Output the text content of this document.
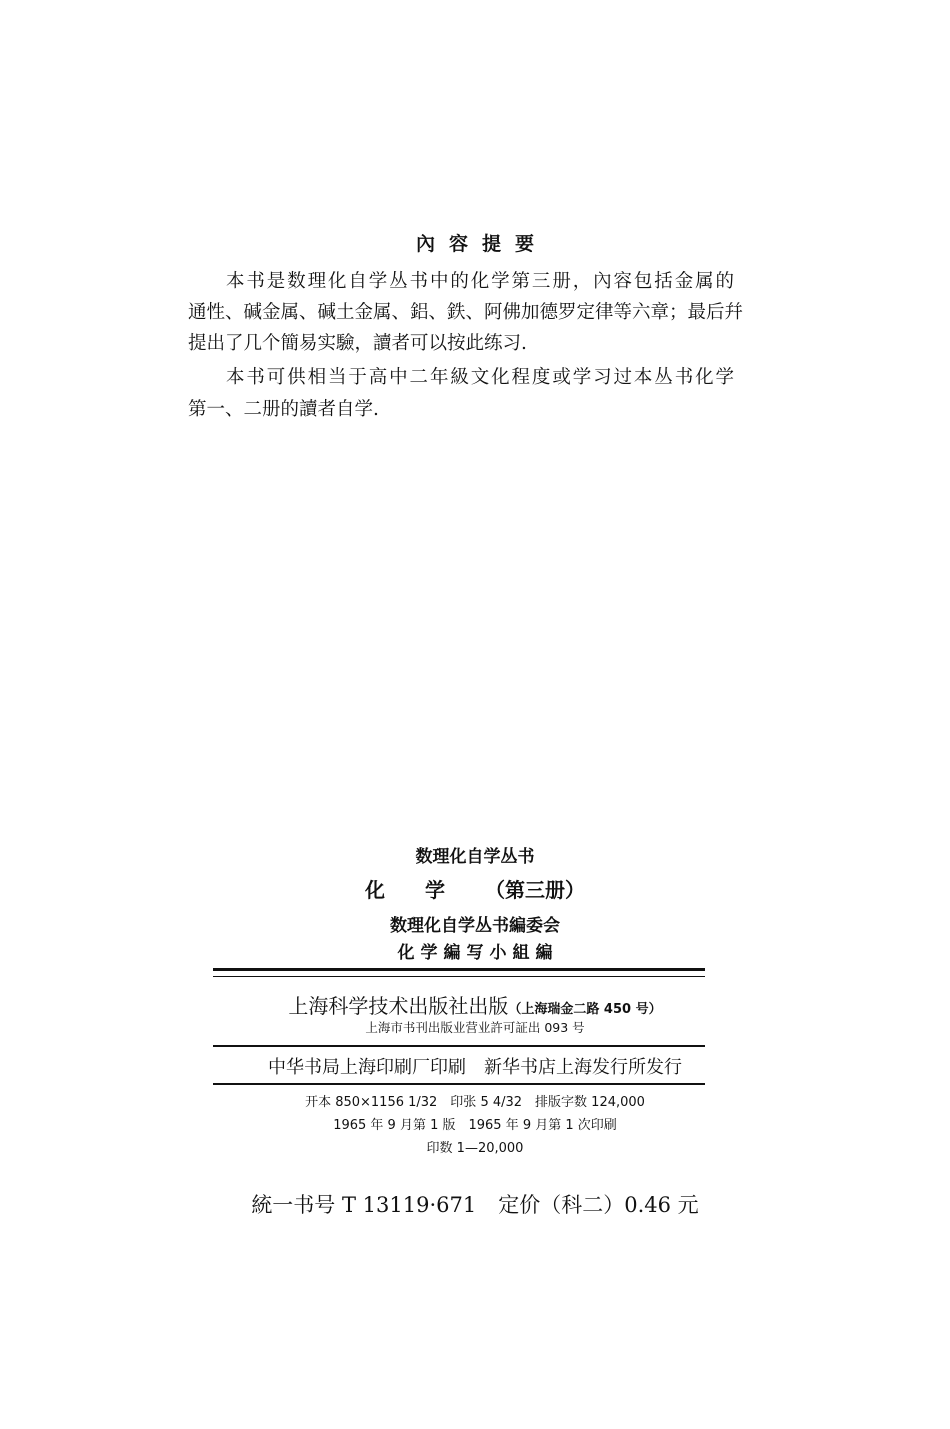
內容提要
本书是数理化自学丛书中的化学第三册，內容包括金属的
通性、碱金属、碱土金属、鋁、鉄、阿佛加德罗定律等六章；最后幷
提出了几个簡易实驗，讀者可以按此练习.
本书可供相当于高中二年級文化程度或学习过本丛书化学
第一、二册的讀者自学.
数理化自学丛书
化学（第三册）
数理化自学丛书編委会
化学編写小組編
上海科学技术出版社出版（上海瑞金二路 450 号）
上海市书刊出版业营业許可証出 093 号
中华书局上海印刷厂印刷　新华书店上海发行所发行
开本 850×1156 1/32　印张 5 4/32　排版字数 124,000
1965 年 9 月第 1 版　1965 年 9 月第 1 次印刷
印数 1—20,000
統一书号 T 13119·671 定价（科二）0.46 元
